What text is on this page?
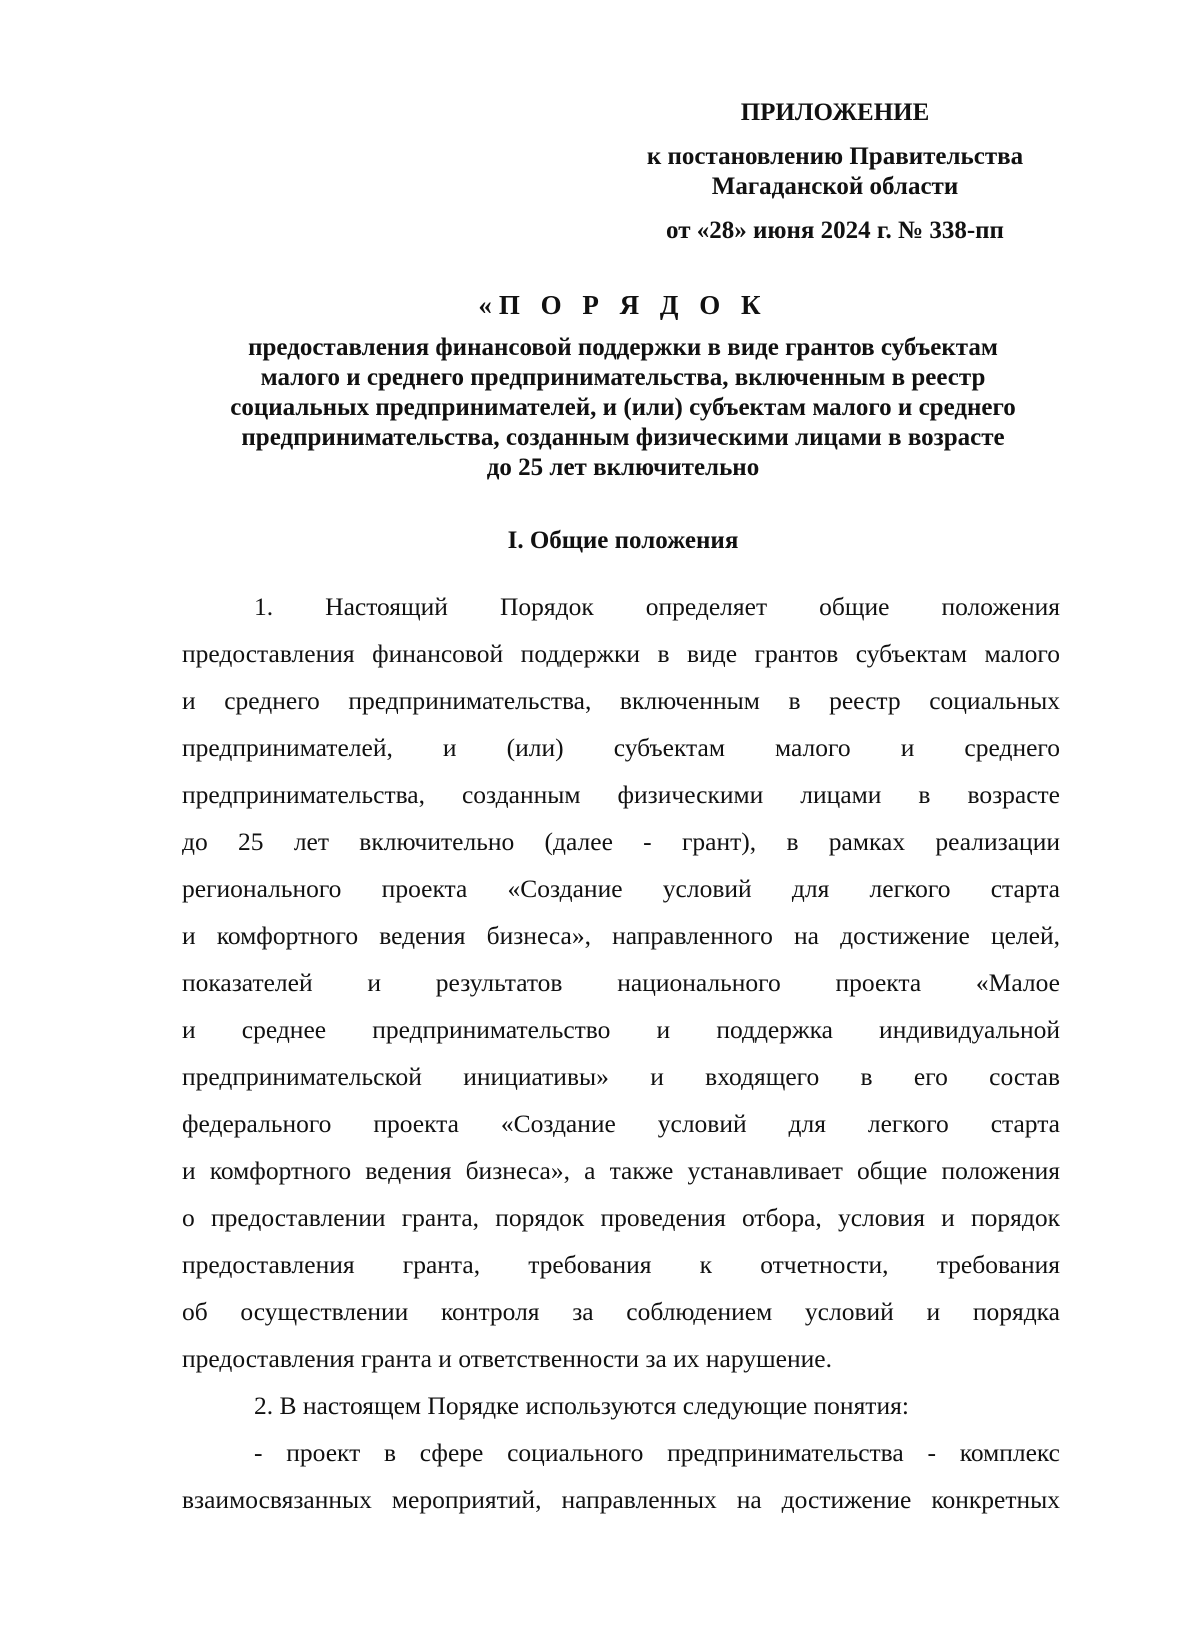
ПРИЛОЖЕНИЕ
к постановлению Правительства
Магаданской области
от «28» июня 2024 г. № 338-пп
«П О Р Я Д О К
предоставления финансовой поддержки в виде грантов субъектам
малого и среднего предпринимательства, включенным в реестр
социальных предпринимателей, и (или) субъектам малого и среднего
предпринимательства, созданным физическими лицами в возрасте
до 25 лет включительно
I. Общие положения
1. Настоящий Порядок определяет общие положения
предоставления финансовой поддержки в виде грантов субъектам малого
и среднего предпринимательства, включенным в реестр социальных
предпринимателей, и (или) субъектам малого и среднего
предпринимательства, созданным физическими лицами в возрасте
до 25 лет включительно (далее - грант), в рамках реализации
регионального проекта «Создание условий для легкого старта
и комфортного ведения бизнеса», направленного на достижение целей,
показателей и результатов национального проекта «Малое
и среднее предпринимательство и поддержка индивидуальной
предпринимательской инициативы» и входящего в его состав
федерального проекта «Создание условий для легкого старта
и комфортного ведения бизнеса», а также устанавливает общие положения
о предоставлении гранта, порядок проведения отбора, условия и порядок
предоставления гранта, требования к отчетности, требования
об осуществлении контроля за соблюдением условий и порядка
предоставления гранта и ответственности за их нарушение.
2. В настоящем Порядке используются следующие понятия:
- проект в сфере социального предпринимательства - комплекс
взаимосвязанных мероприятий, направленных на достижение конкретных
